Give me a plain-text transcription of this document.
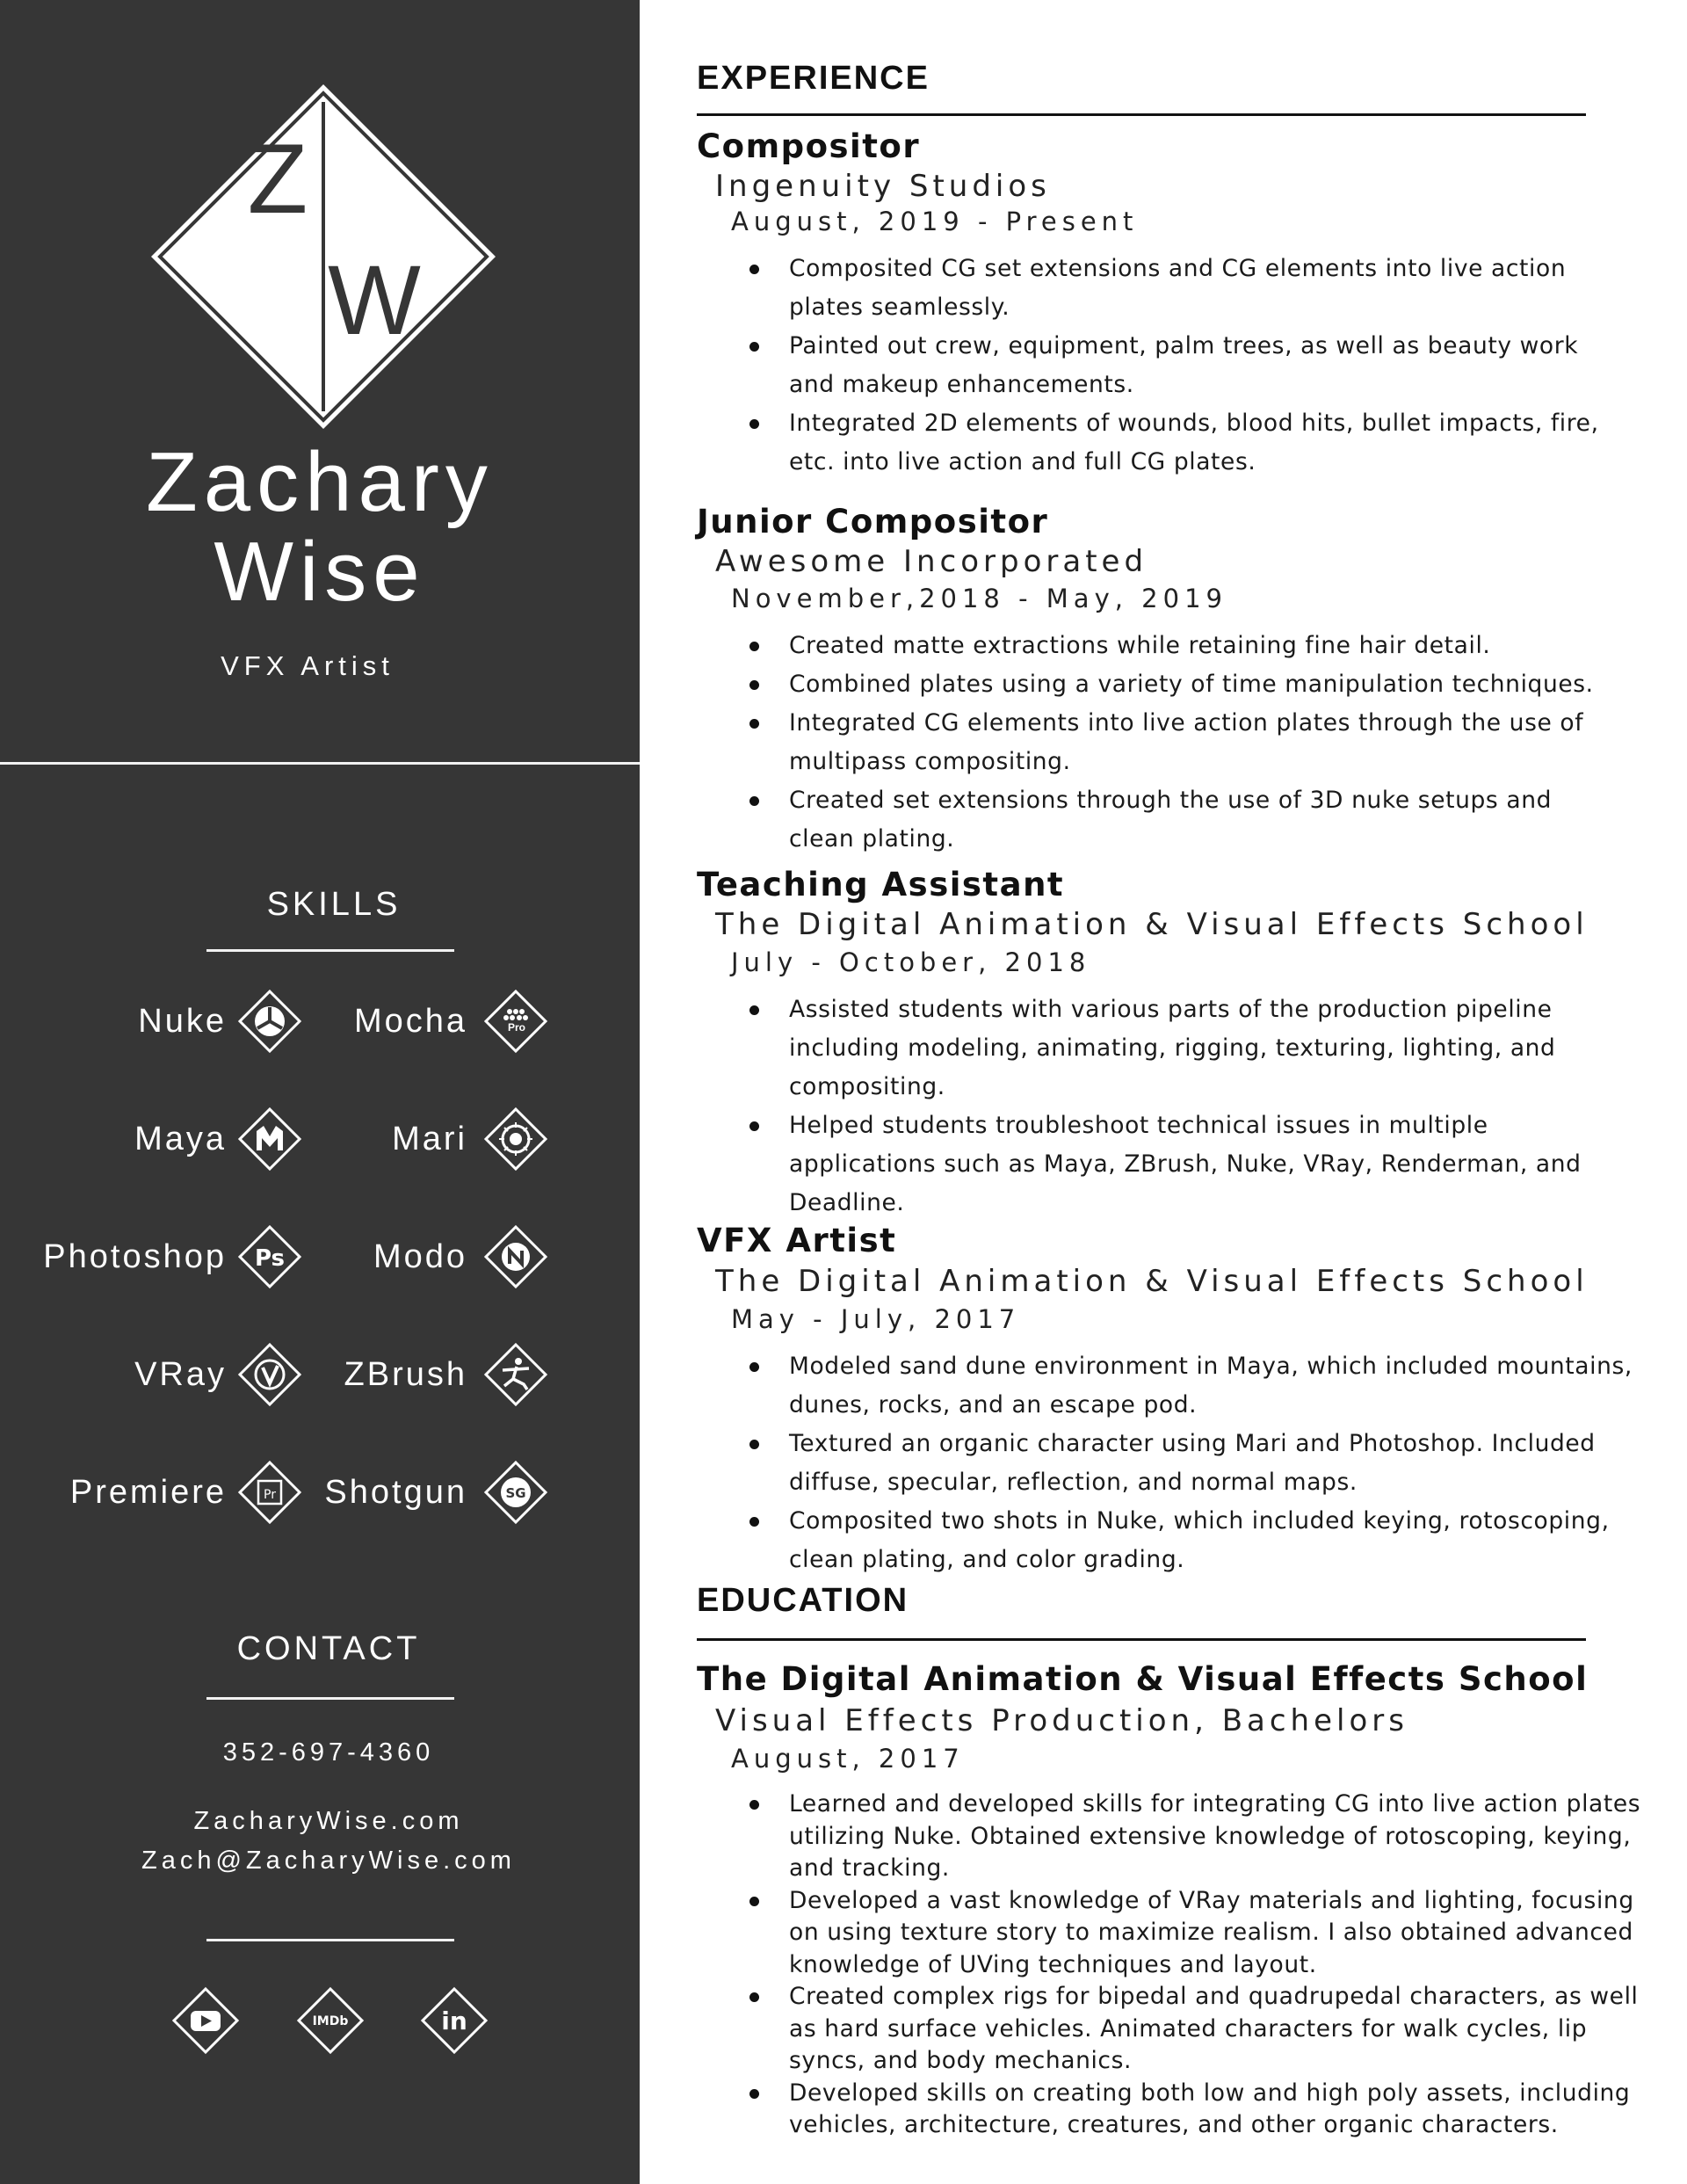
Z
W
Zachary
Wise
VFX Artist
SKILLS
Nuke	Mocha	Pro
Maya	Mari
Photoshop Ps	Modo
VRay	ZBrush
Premiere	Pr Shotgun	SG
CONTACT
352-697-4360
ZacharyWise.com
Zach@ZacharyWise.com
IMDb	in
EXPERIENCE
Compositor
Ingenuity Studios
August, 2019 - Present
Composited CG set extensions and CG elements into live action plates seamlessly.
Painted out crew, equipment, palm trees, as well as beauty work and makeup enhancements.
Integrated 2D elements of wounds, blood hits, bullet impacts, fire, etc. into live action and full CG plates.
Junior Compositor
Awesome Incorporated
November,2018 - May, 2019
Created matte extractions while retaining fine hair detail.
Combined plates using a variety of time manipulation techniques.
Integrated CG elements into live action plates through the use of multipass compositing.
Created set extensions through the use of 3D nuke setups and clean plating.
Teaching Assistant
The Digital Animation & Visual Effects School
July - October, 2018
Assisted students with various parts of the production pipeline including modeling, animating, rigging, texturing, lighting, and compositing.
Helped students troubleshoot technical issues in multiple applications such as Maya, ZBrush, Nuke, VRay, Renderman, and Deadline.
VFX Artist
The Digital Animation & Visual Effects School
May - July, 2017
Modeled sand dune environment in Maya, which included mountains, dunes, rocks, and an escape pod.
Textured an organic character using Mari and Photoshop. Included diffuse, specular, reflection, and normal maps.
Composited two shots in Nuke, which included keying, rotoscoping, clean plating, and color grading.
EDUCATION
The Digital Animation & Visual Effects School
Visual Effects Production, Bachelors
August, 2017
Learned and developed skills for integrating CG into live action plates utilizing Nuke. Obtained extensive knowledge of rotoscoping, keying, and tracking.
Developed a vast knowledge of VRay materials and lighting, focusing on using texture story to maximize realism. I also obtained advanced knowledge of UVing techniques and layout.
Created complex rigs for bipedal and quadrupedal characters, as well as hard surface vehicles. Animated characters for walk cycles, lip syncs, and body mechanics.
Developed skills on creating both low and high poly assets, including vehicles, architecture, creatures, and other organic characters.
